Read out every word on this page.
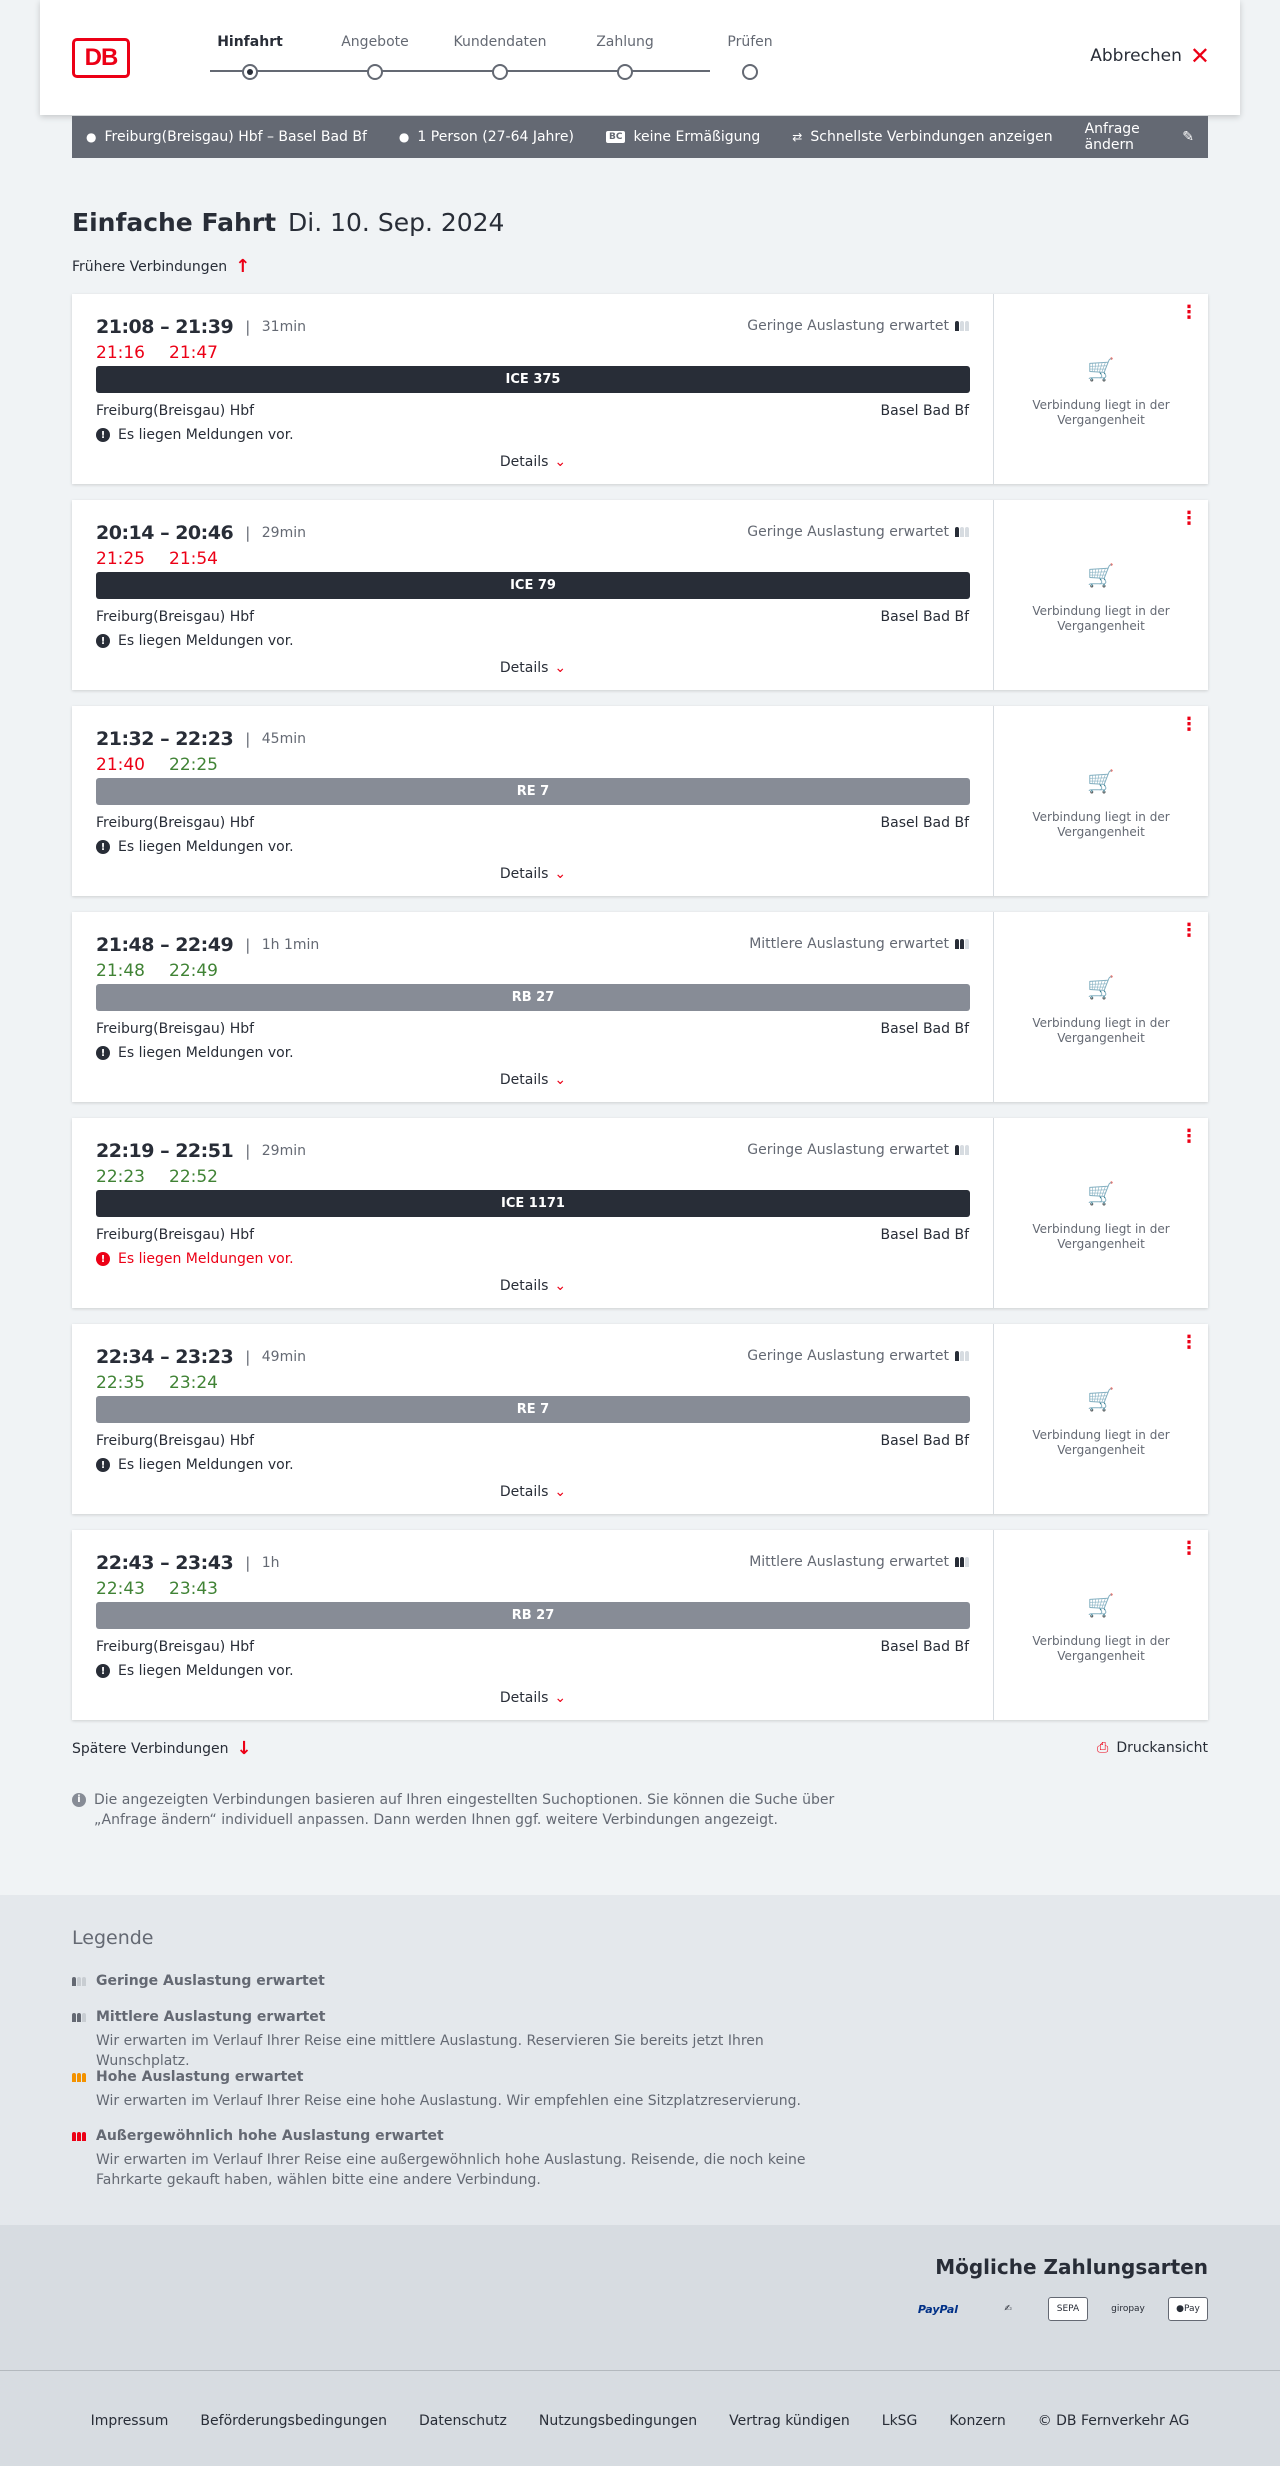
DB
Hinfahrt	Angebote	Kundendaten	Zahlung	Prüfen
Abbrechen ✕
● Freiburg(Breisgau) Hbf – Basel Bad Bf	● 1 Person (27-64 Jahre)	BC keine Ermäßigung	⇄ Schnellste Verbindungen anzeigen Anfrage ändern	✎
Einfache Fahrt Di. 10. Sep. 2024
Frühere Verbindungen ↑
21:08 – 21:39 | 31min
21:16 21:47
Geringe Auslastung erwartet
ICE 375
Freiburg(Breisgau) Hbf	Basel Bad Bf
! Es liegen Meldungen vor.
Details ⌄
⋮
🛒
Verbindung liegt in der Vergangenheit
20:14 – 20:46 | 29min
21:25 21:54
Geringe Auslastung erwartet
ICE 79
Freiburg(Breisgau) Hbf	Basel Bad Bf
! Es liegen Meldungen vor.
Details ⌄
⋮
🛒
Verbindung liegt in der Vergangenheit
21:32 – 22:23 | 45min
21:40 22:25
RE 7
Freiburg(Breisgau) Hbf	Basel Bad Bf
! Es liegen Meldungen vor.
Details ⌄
⋮
🛒
Verbindung liegt in der Vergangenheit
21:48 – 22:49 | 1h 1min
21:48 22:49
Mittlere Auslastung erwartet
RB 27
Freiburg(Breisgau) Hbf	Basel Bad Bf
! Es liegen Meldungen vor.
Details ⌄
⋮
🛒
Verbindung liegt in der Vergangenheit
22:19 – 22:51 | 29min
22:23 22:52
Geringe Auslastung erwartet
ICE 1171
Freiburg(Breisgau) Hbf	Basel Bad Bf
! Es liegen Meldungen vor.
Details ⌄
⋮
🛒
Verbindung liegt in der Vergangenheit
22:34 – 23:23 | 49min
22:35 23:24
Geringe Auslastung erwartet
RE 7
Freiburg(Breisgau) Hbf	Basel Bad Bf
! Es liegen Meldungen vor.
Details ⌄
⋮
🛒
Verbindung liegt in der Vergangenheit
22:43 – 23:43 | 1h
22:43 23:43
Mittlere Auslastung erwartet
RB 27
Freiburg(Breisgau) Hbf	Basel Bad Bf
! Es liegen Meldungen vor.
Details ⌄
⋮
🛒
Verbindung liegt in der Vergangenheit
Spätere Verbindungen ↓	⎙ Druckansicht
i Die angezeigten Verbindungen basieren auf Ihren eingestellten Suchoptionen. Sie können die Suche über „Anfrage ändern“ individuell anpassen. Dann werden Ihnen ggf. weitere Verbindungen angezeigt.
Legende
Geringe Auslastung erwartet
Mittlere Auslastung erwartet
Wir erwarten im Verlauf Ihrer Reise eine mittlere Auslastung. Reservieren Sie bereits jetzt Ihren Wunschplatz.
Hohe Auslastung erwartet
Wir erwarten im Verlauf Ihrer Reise eine hohe Auslastung. Wir empfehlen eine Sitzplatzreservierung.
Außergewöhnlich hohe Auslastung erwartet
Wir erwarten im Verlauf Ihrer Reise eine außergewöhnlich hohe Auslastung. Reisende, die noch keine Fahrkarte gekauft haben, wählen bitte eine andere Verbindung.
Mögliche Zahlungsarten
PayPal	✍	SEPA	giropay	● Pay
Impressum Beförderungsbedingungen Datenschutz Nutzungsbedingungen Vertrag kündigen LkSG Konzern © DB Fernverkehr AG
